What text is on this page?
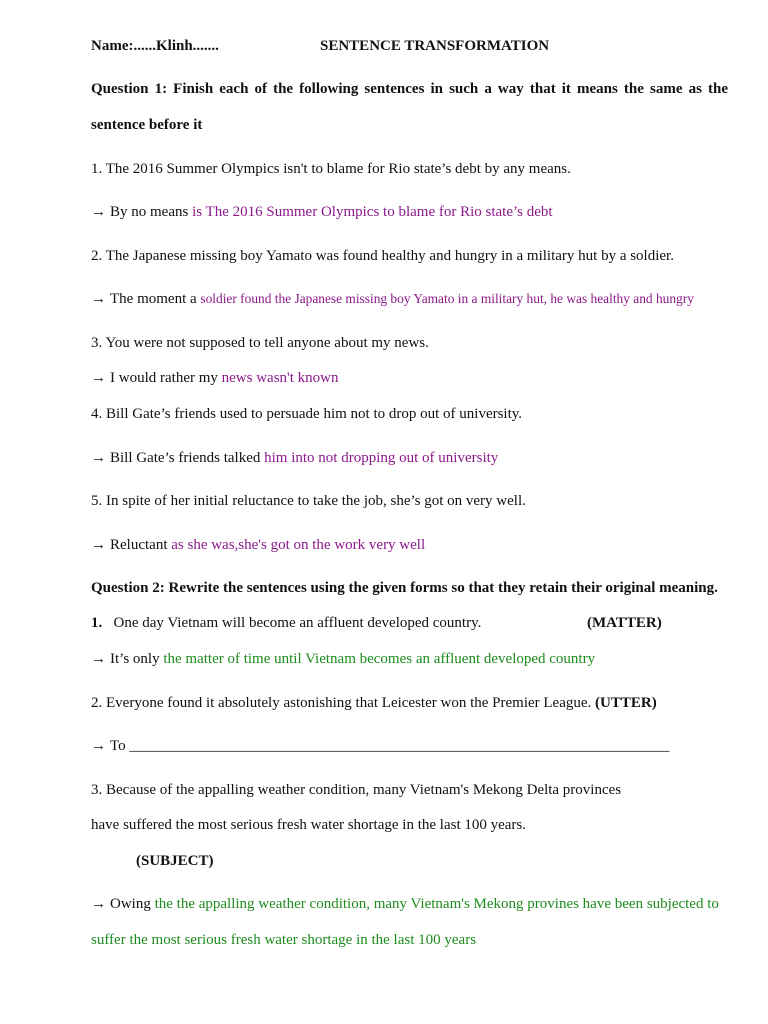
Name:......Klinh.......	SENTENCE TRANSFORMATION
Question 1: Finish each of the following sentences in such a way that it means the same as the
sentence before it
1. The 2016 Summer Olympics isn't to blame for Rio state’s debt by any means.
→ By no means is The 2016 Summer Olympics to blame for Rio state’s debt
2. The Japanese missing boy Yamato was found healthy and hungry in a military hut by a soldier.
→ The moment a soldier found the Japanese missing boy Yamato in a military hut, he was healthy and hungry
3. You were not supposed to tell anyone about my news.
→ I would rather my news wasn't known
4. Bill Gate’s friends used to persuade him not to drop out of university.
→ Bill Gate’s friends talked him into not dropping out of university
5. In spite of her initial reluctance to take the job, she’s got on very well.
→ Reluctant as she was,she's got on the work very well
Question 2: Rewrite the sentences using the given forms so that they retain their original meaning.
1. One day Vietnam will become an affluent developed country.	(MATTER)
→ It’s only the matter of time until Vietnam becomes an affluent developed country
2. Everyone found it absolutely astonishing that Leicester won the Premier League. (UTTER)
→ To ________________________________________________________________________
3. Because of the appalling weather condition, many Vietnam's Mekong Delta provinces
have suffered the most serious fresh water shortage in the last 100 years.
(SUBJECT)
→ Owing the the appalling weather condition, many Vietnam's Mekong provines have been subjected to
suffer the most serious fresh water shortage in the last 100 years
